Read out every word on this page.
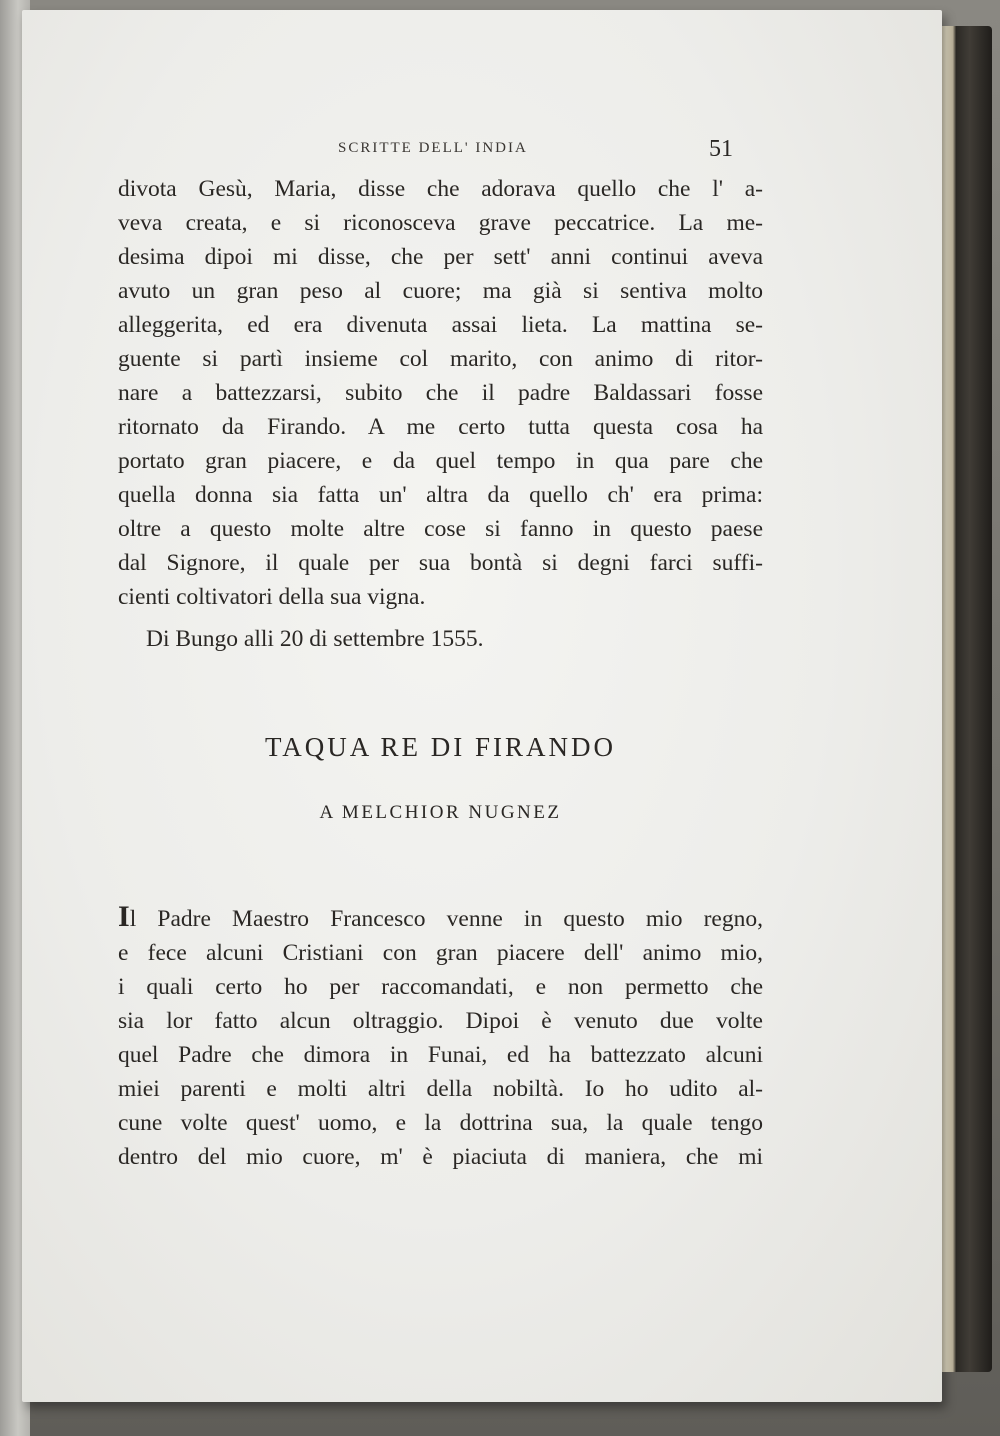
SCRITTE DELL' INDIA	51
divota Gesù, Maria, disse che adorava quello che l' a-
veva creata, e si riconosceva grave peccatrice. La me-
desima dipoi mi disse, che per sett' anni continui aveva
avuto un gran peso al cuore; ma già si sentiva molto
alleggerita, ed era divenuta assai lieta. La mattina se-
guente si partì insieme col marito, con animo di ritor-
nare a battezzarsi, subito che il padre Baldassari fosse
ritornato da Firando. A me certo tutta questa cosa ha
portato gran piacere, e da quel tempo in qua pare che
quella donna sia fatta un' altra da quello ch' era prima:
oltre a questo molte altre cose si fanno in questo paese
dal Signore, il quale per sua bontà si degni farci suffi-
cienti coltivatori della sua vigna.
Di Bungo alli 20 di settembre 1555.
TAQUA RE DI FIRANDO
A MELCHIOR NUGNEZ
Il Padre Maestro Francesco venne in questo mio regno,
e fece alcuni Cristiani con gran piacere dell' animo mio,
i quali certo ho per raccomandati, e non permetto che
sia lor fatto alcun oltraggio. Dipoi è venuto due volte
quel Padre che dimora in Funai, ed ha battezzato alcuni
miei parenti e molti altri della nobiltà. Io ho udito al-
cune volte quest' uomo, e la dottrina sua, la quale tengo
dentro del mio cuore, m' è piaciuta di maniera, che mi
